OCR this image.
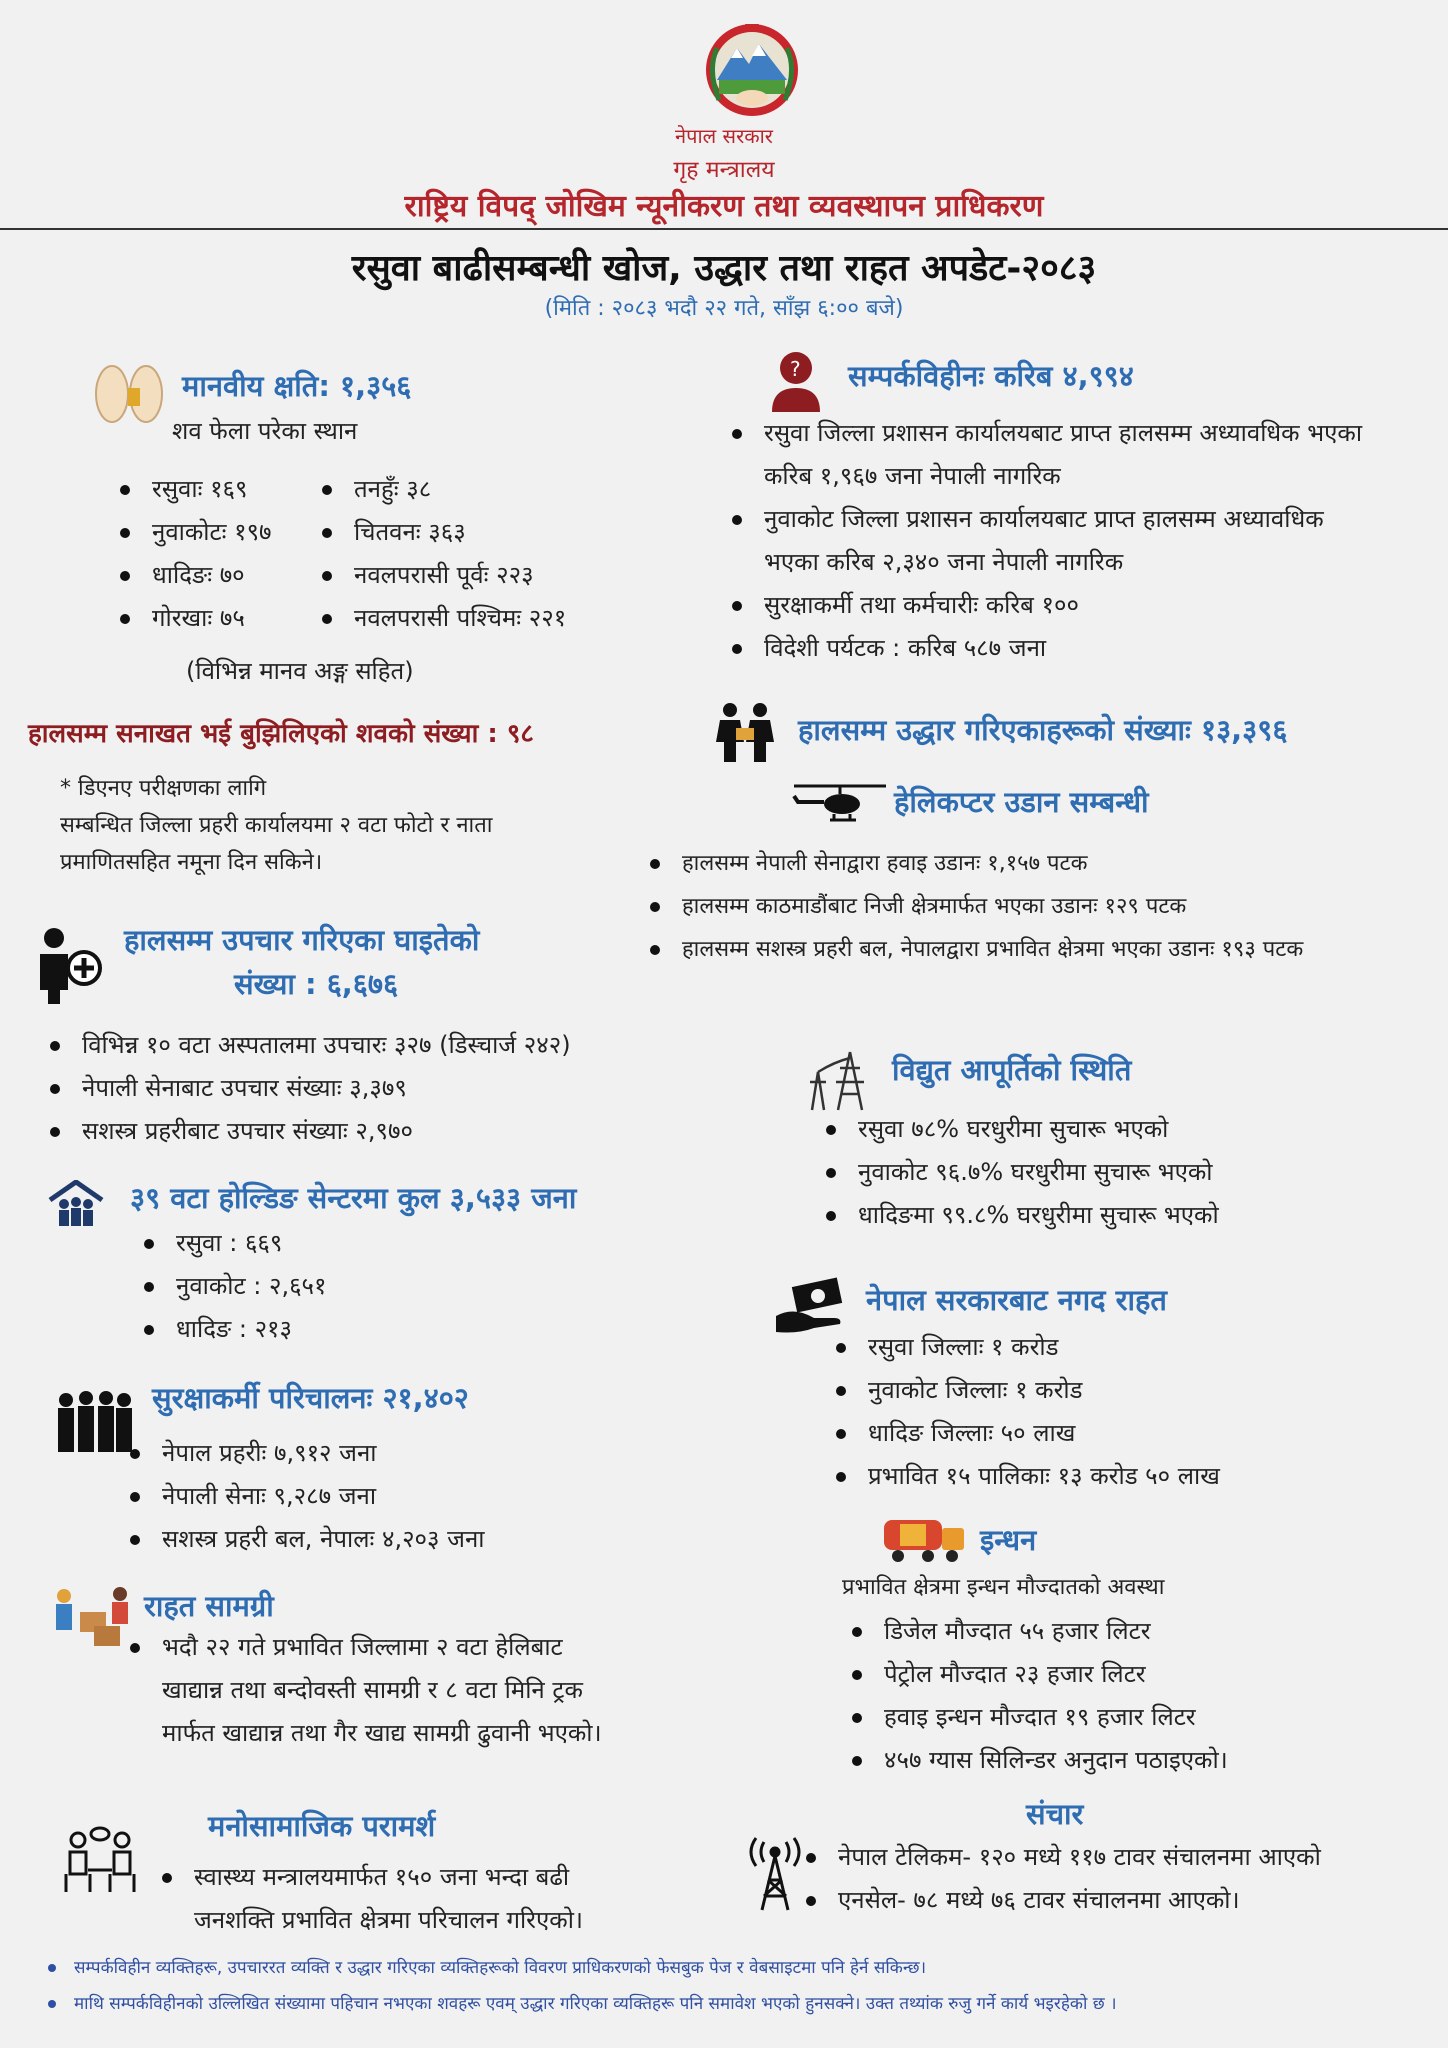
नेपाल सरकार
गृह मन्त्रालय
राष्ट्रिय विपद् जोखिम न्यूनीकरण तथा व्यवस्थापन प्राधिकरण
रसुवा बाढीसम्बन्धी खोज, उद्धार तथा राहत अपडेट-२०८३
(मिति : २०८३ भदौ २२ गते, साँझ ६:०० बजे)
मानवीय क्षति: १,३५६
शव फेला परेका स्थान
रसुवाः १६९
नुवाकोटः १९७
धादिङः ७०
गोरखाः ७५
तनहुँः ३८
चितवनः ३६३
नवलपरासी पूर्वः २२३
नवलपरासी पश्चिमः २२१
(विभिन्न मानव अङ्ग सहित)
हालसम्म सनाखत भई बुझिलिएको शवको संख्या : ९८
* डिएनए परीक्षणका लागि
सम्बन्धित जिल्ला प्रहरी कार्यालयमा २ वटा फोटो र नाता
प्रमाणितसहित नमूना दिन सकिने।
हालसम्म उपचार गरिएका घाइतेको
संख्या : ६,६७६
विभिन्न १० वटा अस्पतालमा उपचारः ३२७ (डिस्चार्ज २४२)
नेपाली सेनाबाट उपचार संख्याः ३,३७९
सशस्त्र प्रहरीबाट उपचार संख्याः २,९७०
३९ वटा होल्डिङ सेन्टरमा कुल ३,५३३ जना
रसुवा : ६६९
नुवाकोट : २,६५१
धादिङ : २१३
सुरक्षाकर्मी परिचालनः २१,४०२
नेपाल प्रहरीः ७,९१२ जना
नेपाली सेनाः ९,२८७ जना
सशस्त्र प्रहरी बल, नेपालः ४,२०३ जना
राहत सामग्री
भदौ २२ गते प्रभावित जिल्लामा २ वटा हेलिबाट
खाद्यान्न तथा बन्दोवस्ती सामग्री र ८ वटा मिनि ट्रक
मार्फत खाद्यान्न तथा गैर खाद्य सामग्री ढुवानी भएको।
मनोसामाजिक परामर्श
स्वास्थ्य मन्त्रालयमार्फत १५० जना भन्दा बढी
जनशक्ति प्रभावित क्षेत्रमा परिचालन गरिएको।
? सम्पर्कविहीनः करिब ४,९९४
रसुवा जिल्ला प्रशासन कार्यालयबाट प्राप्त हालसम्म अध्यावधिक भएका
करिब १,९६७ जना नेपाली नागरिक
नुवाकोट जिल्ला प्रशासन कार्यालयबाट प्राप्त हालसम्म अध्यावधिक
भएका करिब २,३४० जना नेपाली नागरिक
सुरक्षाकर्मी तथा कर्मचारीः करिब १००
विदेशी पर्यटक : करिब ५८७ जना
हालसम्म उद्धार गरिएकाहरूको संख्याः १३,३९६
हेलिकप्टर उडान सम्बन्धी
हालसम्म नेपाली सेनाद्वारा हवाइ उडानः १,१५७ पटक
हालसम्म काठमाडौंबाट निजी क्षेत्रमार्फत भएका उडानः १२९ पटक
हालसम्म सशस्त्र प्रहरी बल, नेपालद्वारा प्रभावित क्षेत्रमा भएका उडानः १९३ पटक
विद्युत आपूर्तिको स्थिति
रसुवा ७८% घरधुरीमा सुचारू भएको
नुवाकोट ९६.७% घरधुरीमा सुचारू भएको
धादिङमा ९९.८% घरधुरीमा सुचारू भएको
नेपाल सरकारबाट नगद राहत
रसुवा जिल्लाः १ करोड
नुवाकोट जिल्लाः १ करोड
धादिङ जिल्लाः ५० लाख
प्रभावित १५ पालिकाः १३ करोड ५० लाख
इन्धन
प्रभावित क्षेत्रमा इन्धन मौज्दातको अवस्था
डिजेल मौज्दात ५५ हजार लिटर
पेट्रोल मौज्दात २३ हजार लिटर
हवाइ इन्धन मौज्दात १९ हजार लिटर
४५७ ग्यास सिलिन्डर अनुदान पठाइएको।
संचार
नेपाल टेलिकम- १२० मध्ये ११७ टावर संचालनमा आएको
एनसेल- ७८ मध्ये ७६ टावर संचालनमा आएको।
सम्पर्कविहीन व्यक्तिहरू, उपचाररत व्यक्ति र उद्धार गरिएका व्यक्तिहरूको विवरण प्राधिकरणको फेसबुक पेज र वेबसाइटमा पनि हेर्न सकिन्छ।
माथि सम्पर्कविहीनको उल्लिखित संख्यामा पहिचान नभएका शवहरू एवम् उद्धार गरिएका व्यक्तिहरू पनि समावेश भएको हुनसक्ने। उक्त तथ्यांक रुजु गर्ने कार्य भइरहेको छ ।
